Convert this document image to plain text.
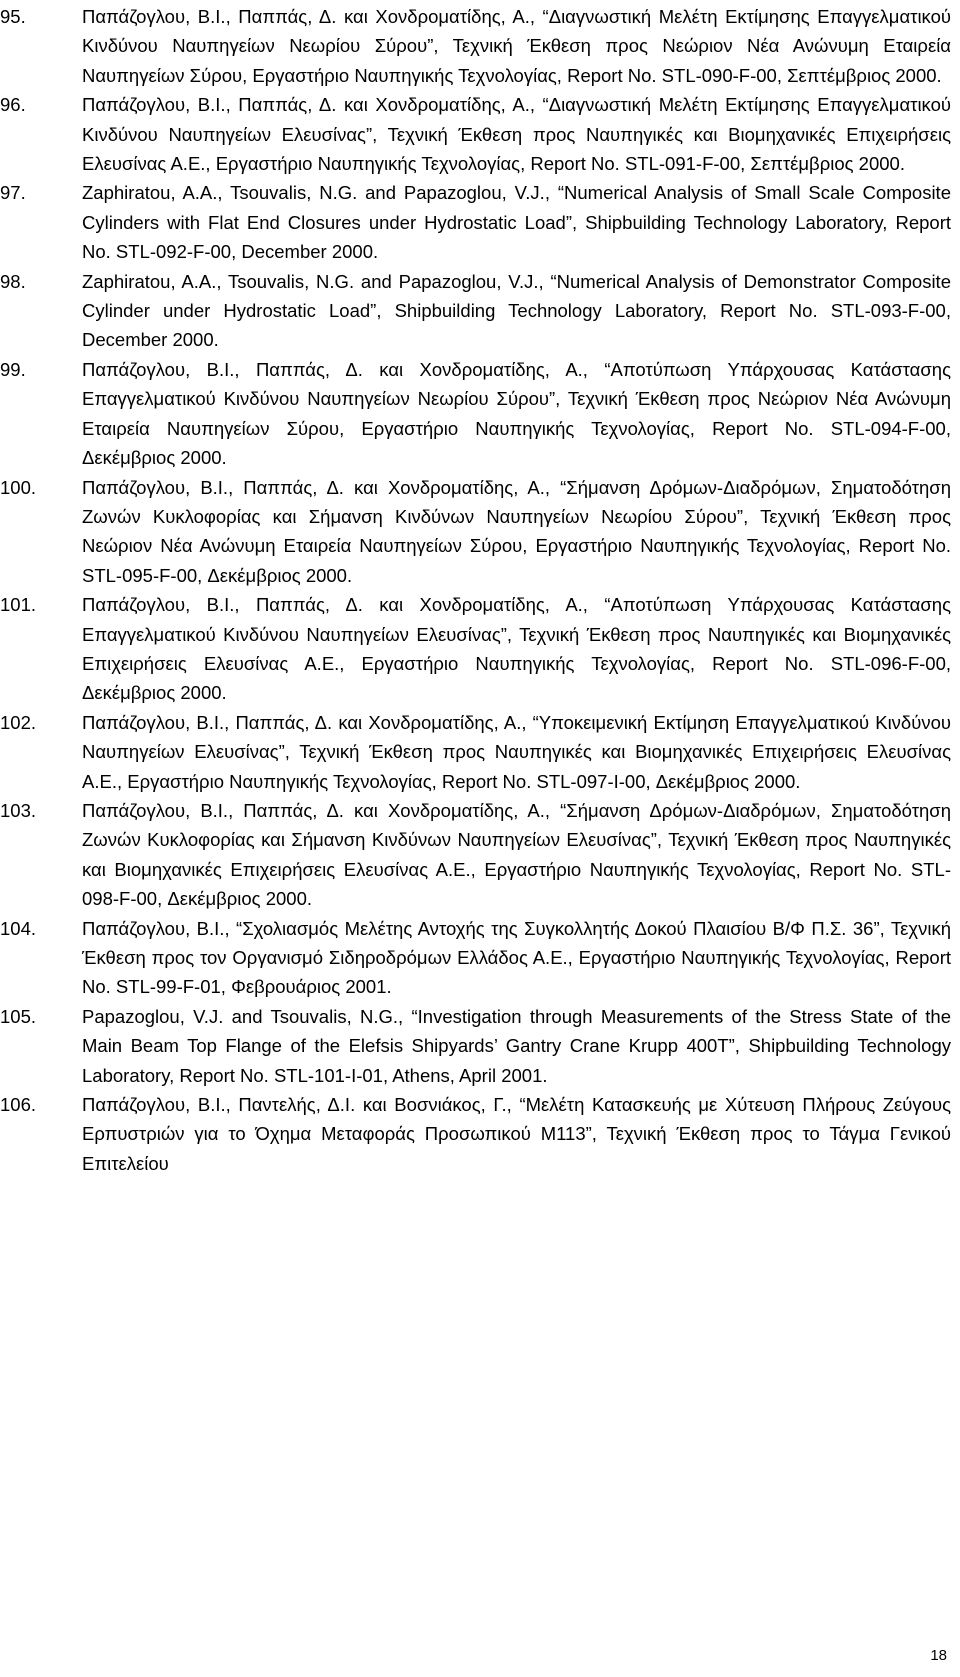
95.	Παπάζογλου, Β.Ι., Παππάς, Δ. και Χονδροματίδης, Α., “Διαγνωστική Μελέτη Εκτίμησης Επαγγελματικού Κινδύνου Ναυπηγείων Νεωρίου Σύρου”, Τεχνική Έκθεση προς Νεώριον Νέα Ανώνυμη Εταιρεία Ναυπηγείων Σύρου, Εργαστήριο Ναυπηγικής Τεχνολογίας, Report No. STL-090-F-00, Σεπτέμβριος 2000.
96.	Παπάζογλου, Β.Ι., Παππάς, Δ. και Χονδροματίδης, Α., “Διαγνωστική Μελέτη Εκτίμησης Επαγγελματικού Κινδύνου Ναυπηγείων Ελευσίνας”, Τεχνική Έκθεση προς Ναυπηγικές και Βιομηχανικές Επιχειρήσεις Ελευσίνας Α.Ε., Εργαστήριο Ναυπηγικής Τεχνολογίας, Report No. STL-091-F-00, Σεπτέμβριος 2000.
97.	Zaphiratou, A.A., Tsouvalis, N.G. and Papazoglou, V.J., “Numerical Analysis of Small Scale Composite Cylinders with Flat End Closures under Hydrostatic Load”, Shipbuilding Technology Laboratory, Report No. STL-092-F-00, December 2000.
98.	Zaphiratou, A.A., Tsouvalis, N.G. and Papazoglou, V.J., “Numerical Analysis of Demonstrator Composite Cylinder under Hydrostatic Load”, Shipbuilding Technology Laboratory, Report No. STL-093-F-00, December 2000.
99.	Παπάζογλου, Β.Ι., Παππάς, Δ. και Χονδροματίδης, Α., “Αποτύπωση Υπάρχουσας Κατάστασης Επαγγελματικού Κινδύνου Ναυπηγείων Νεωρίου Σύρου”, Τεχνική Έκθεση προς Νεώριον Νέα Ανώνυμη Εταιρεία Ναυπηγείων Σύρου, Εργαστήριο Ναυπηγικής Τεχνολογίας, Report No. STL-094-F-00, Δεκέμβριος 2000.
100.	Παπάζογλου, Β.Ι., Παππάς, Δ. και Χονδροματίδης, Α., “Σήμανση Δρόμων-Διαδρόμων, Σηματοδότηση Ζωνών Κυκλοφορίας και Σήμανση Κινδύνων Ναυπηγείων Νεωρίου Σύρου”, Τεχνική Έκθεση προς Νεώριον Νέα Ανώνυμη Εταιρεία Ναυπηγείων Σύρου, Εργαστήριο Ναυπηγικής Τεχνολογίας, Report No. STL-095-F-00, Δεκέμβριος 2000.
101.	Παπάζογλου, Β.Ι., Παππάς, Δ. και Χονδροματίδης, Α., “Αποτύπωση Υπάρχουσας Κατάστασης Επαγγελματικού Κινδύνου Ναυπηγείων Ελευσίνας”, Τεχνική Έκθεση προς Ναυπηγικές και Βιομηχανικές Επιχειρήσεις Ελευσίνας Α.Ε., Εργαστήριο Ναυπηγικής Τεχνολογίας, Report No. STL-096-F-00, Δεκέμβριος 2000.
102.	Παπάζογλου, Β.Ι., Παππάς, Δ. και Χονδροματίδης, Α., “Υποκειμενική Εκτίμηση Επαγγελματικού Κινδύνου Ναυπηγείων Ελευσίνας”, Τεχνική Έκθεση προς Ναυπηγικές και Βιομηχανικές Επιχειρήσεις Ελευσίνας Α.Ε., Εργαστήριο Ναυπηγικής Τεχνολογίας, Report No. STL-097-I-00, Δεκέμβριος 2000.
103.	Παπάζογλου, Β.Ι., Παππάς, Δ. και Χονδροματίδης, Α., “Σήμανση Δρόμων-Διαδρόμων, Σηματοδότηση Ζωνών Κυκλοφορίας και Σήμανση Κινδύνων Ναυπηγείων Ελευσίνας”, Τεχνική Έκθεση προς Ναυπηγικές και Βιομηχανικές Επιχειρήσεις Ελευσίνας Α.Ε., Εργαστήριο Ναυπηγικής Τεχνολογίας, Report No. STL-098-F-00, Δεκέμβριος 2000.
104.	Παπάζογλου, Β.Ι., “Σχολιασμός Μελέτης Αντοχής της Συγκολλητής Δοκού Πλαισίου Β/Φ Π.Σ. 36”, Τεχνική Έκθεση προς τον Οργανισμό Σιδηροδρόμων Ελλάδος Α.Ε., Εργαστήριο Ναυπηγικής Τεχνολογίας, Report No. STL-99-F-01, Φεβρουάριος 2001.
105.	Papazoglou, V.J. and Tsouvalis, N.G., “Investigation through Measurements of the Stress State of the Main Beam Top Flange of the Elefsis Shipyards’ Gantry Crane Krupp 400T”, Shipbuilding Technology Laboratory, Report No. STL-101-I-01, Athens, April 2001.
106.	Παπάζογλου, Β.Ι., Παντελής, Δ.Ι. και Βοσνιάκος, Γ., “Μελέτη Κατασκευής με Χύτευση Πλήρους Ζεύγους Ερπυστριών για το Όχημα Μεταφοράς Προσωπικού Μ113”, Τεχνική Έκθεση προς το Τάγμα Γενικού Επιτελείου
18
